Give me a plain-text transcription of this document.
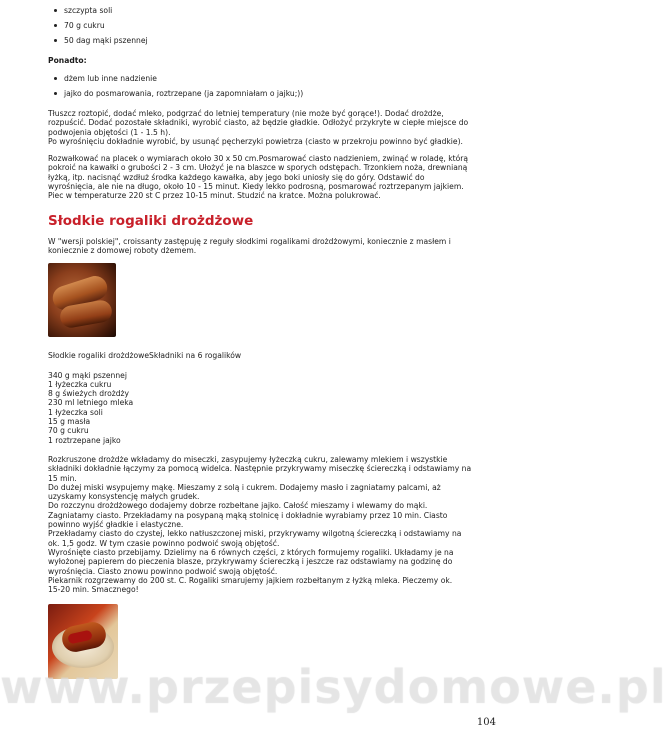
szczypta soli
70 g cukru
50 dag mąki pszennej
Ponadto:
dżem lub inne nadzienie
jajko do posmarowania, roztrzepane (ja zapomniałam o jajku;))
Tłuszcz roztopić, dodać mleko, podgrzać do letniej temperatury (nie może być gorące!). Dodać drożdże,
rozpuścić. Dodać pozostałe składniki, wyrobić ciasto, aż będzie gładkie. Odłożyć przykryte w ciepłe miejsce do
podwojenia objętości (1 - 1.5 h).
Po wyrośnięciu dokładnie wyrobić, by usunąć pęcherzyki powietrza (ciasto w przekroju powinno być gładkie).
Rozwałkować na placek o wymiarach około 30 x 50 cm.Posmarować ciasto nadzieniem, zwinąć w roladę, którą
pokroić na kawałki o grubości 2 - 3 cm. Ułożyć je na blaszce w sporych odstępach. Trzonkiem noża, drewnianą
łyżką, itp. nacisnąć wzdłuż środka każdego kawałka, aby jego boki uniosły się do góry. Odstawić do
wyrośnięcia, ale nie na długo, około 10 - 15 minut. Kiedy lekko podrosną, posmarować roztrzepanym jajkiem.
Piec w temperaturze 220 st C przez 10-15 minut. Studzić na kratce. Można polukrować.
Słodkie rogaliki drożdżowe
W "wersji polskiej", croissanty zastępuję z reguły słodkimi rogalikami drożdżowymi, koniecznie z masłem i
koniecznie z domowej roboty dżemem.

Słodkie rogaliki drożdżoweSkładniki na 6 rogalików

340 g mąki pszennej
1 łyżeczka cukru
8 g świeżych drożdży
230 ml letniego mleka
1 łyżeczka soli
15 g masła
70 g cukru
1 roztrzepane jajko
Rozkruszone drożdże wkładamy do miseczki, zasypujemy łyżeczką cukru, zalewamy mlekiem i wszystkie
składniki dokładnie łączymy za pomocą widelca. Następnie przykrywamy miseczkę ściereczką i odstawiamy na
15 min.
Do dużej miski wsypujemy mąkę. Mieszamy z solą i cukrem. Dodajemy masło i zagniatamy palcami, aż
uzyskamy konsystencję małych grudek.
Do rozczynu drożdżowego dodajemy dobrze rozbełtane jajko. Całość mieszamy i wlewamy do mąki.
Zagniatamy ciasto. Przekładamy na posypaną mąką stolnicę i dokładnie wyrabiamy przez 10 min. Ciasto
powinno wyjść gładkie i elastyczne.
Przekładamy ciasto do czystej, lekko natłuszczonej miski, przykrywamy wilgotną ściereczką i odstawiamy na
ok. 1,5 godz. W tym czasie powinno podwoić swoją objętość.
Wyrośnięte ciasto przebijamy. Dzielimy na 6 równych części, z których formujemy rogaliki. Układamy je na
wyłożonej papierem do pieczenia blasze, przykrywamy ściereczką i jeszcze raz odstawiamy na godzinę do
wyrośnięcia. Ciasto znowu powinno podwoić swoją objętość.
Piekarnik rozgrzewamy do 200 st. C. Rogaliki smarujemy jajkiem rozbełtanym z łyżką mleka. Pieczemy ok.
15-20 min. Smacznego!
www.przepisydomowe.pl
104
